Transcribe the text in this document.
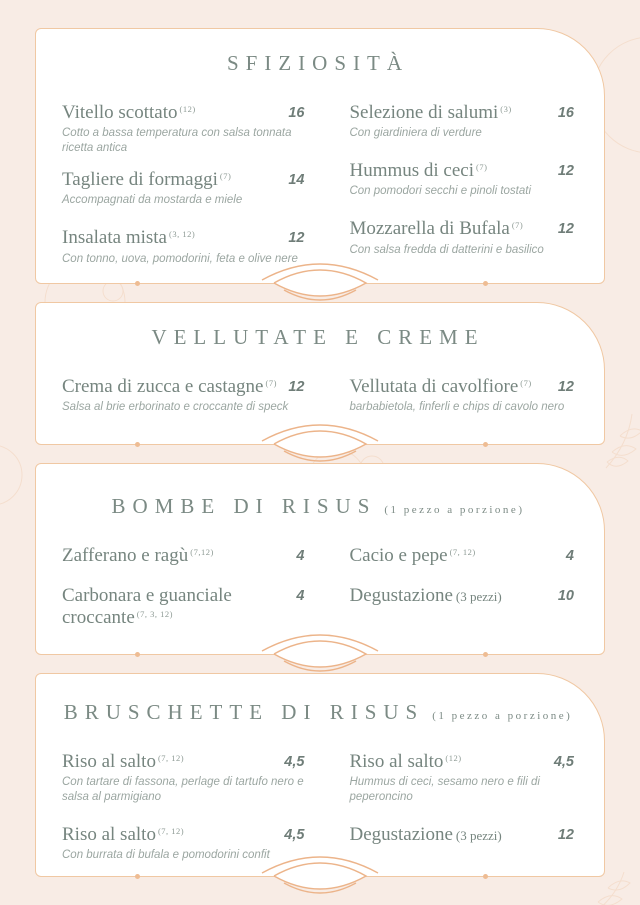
SFIZIOSITÀ
Vitello scottato $^{(12)}$	16

Cotto a bassa temperatura con salsa tonnata ricetta antica

Tagliere di formaggi $^{(7)}$	14

Accompagnati da mostarda e miele

Insalata mista $^{(3, 12)}$	12

Con tonno, uova, pomodorini, feta e olive nere

Selezione di salumi $^{(3)}$	16

Con giardiniera di verdure

Hummus di ceci $^{(7)}$	12

Con pomodori secchi e pinoli tostati

Mozzarella di Bufala $^{(7)}$ 12

Con salsa fredda di datterini e basilico

VELLUTATE E CREME
Crema di zucca e castagne $^{(7)}$ 12

Salsa al brie erborinato e croccante di speck

Vellutata di cavolfiore $^{(7)}$ 12

barbabietola, finferli e chips di cavolo nero

BOMBE DI RISUS (1 pezzo a porzione)
Zafferano e ragù $^{(7,12)}$	4
Carbonara e guanciale croccante $^{(7, 3, 12)}$
4
Cacio e pepe $^{(7, 12)}$	4
Degustazione (3 pezzi)	10
BRUSCHETTE DI RISUS (1 pezzo a porzione)
Riso al salto $^{(7, 12)}$	4,5

Con tartare di fassona, perlage di tartufo nero e salsa al parmigiano

Riso al salto $^{(7, 12)}$	4,5

Con burrata di bufala e pomodorini confit

Riso al salto $^{(12)}$	4,5

Hummus di ceci, sesamo nero e fili di peperoncino

Degustazione (3 pezzi)	12
